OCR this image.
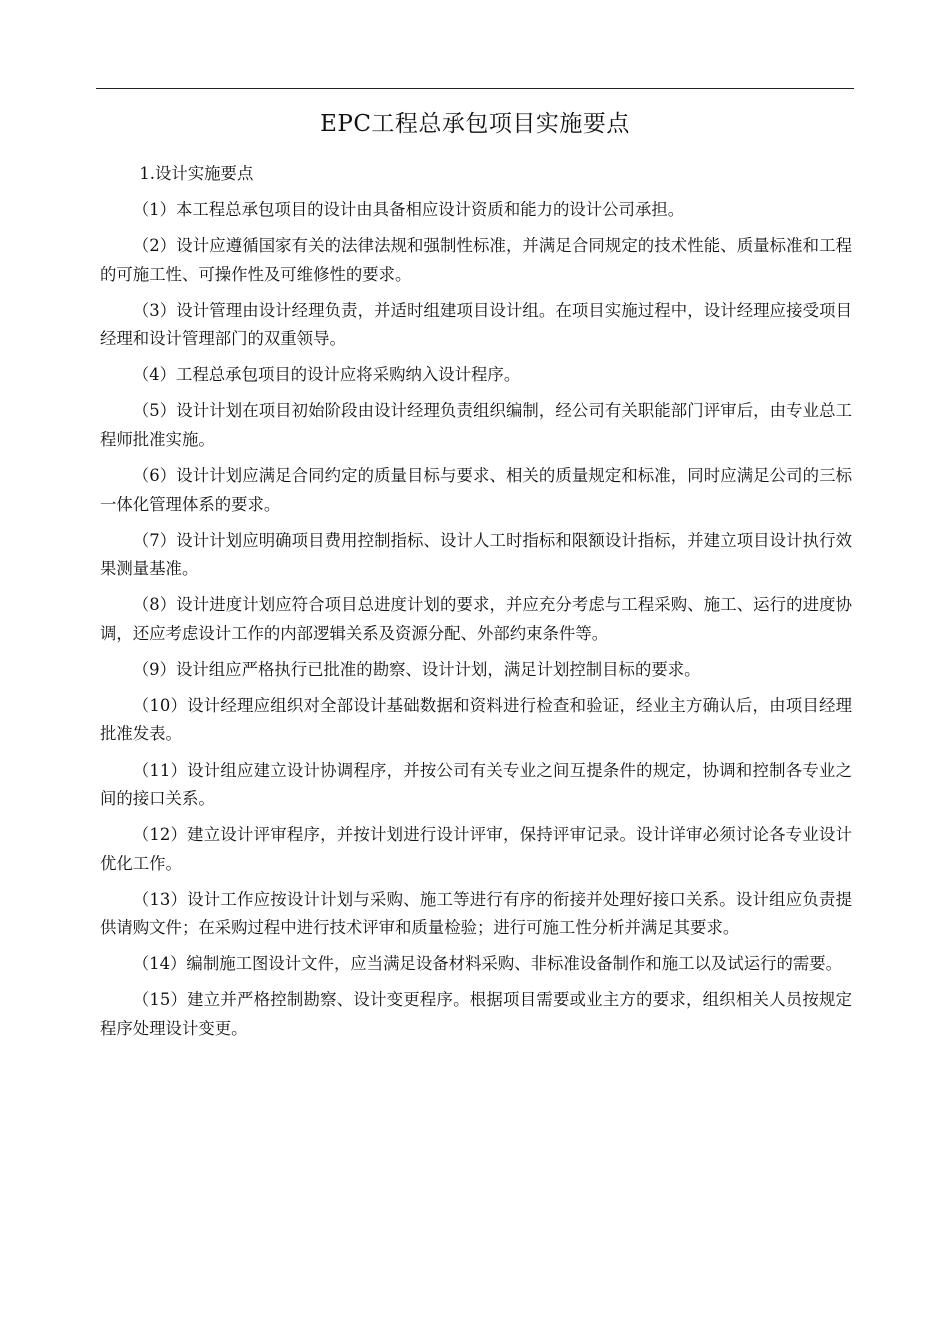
EPC工程总承包项目实施要点

1.设计实施要点

（1）本工程总承包项目的设计由具备相应设计资质和能力的设计公司承担。

（2）设计应遵循国家有关的法律法规和强制性标准，并满足合同规定的技术性能、质量标准和工程的可施工性、可操作性及可维修性的要求。

（3）设计管理由设计经理负责，并适时组建项目设计组。在项目实施过程中，设计经理应接受项目经理和设计管理部门的双重领导。

（4）工程总承包项目的设计应将采购纳入设计程序。

（5）设计计划在项目初始阶段由设计经理负责组织编制，经公司有关职能部门评审后，由专业总工程师批准实施。

（6）设计计划应满足合同约定的质量目标与要求、相关的质量规定和标准，同时应满足公司的三标一体化管理体系的要求。

（7）设计计划应明确项目费用控制指标、设计人工时指标和限额设计指标，并建立项目设计执行效果测量基准。

（8）设计进度计划应符合项目总进度计划的要求，并应充分考虑与工程采购、施工、运行的进度协调，还应考虑设计工作的内部逻辑关系及资源分配、外部约束条件等。

（9）设计组应严格执行已批准的勘察、设计计划，满足计划控制目标的要求。

（10）设计经理应组织对全部设计基础数据和资料进行检查和验证，经业主方确认后，由项目经理批准发表。

（11）设计组应建立设计协调程序，并按公司有关专业之间互提条件的规定，协调和控制各专业之间的接口关系。

（12）建立设计评审程序，并按计划进行设计评审，保持评审记录。设计详审必须讨论各专业设计优化工作。

（13）设计工作应按设计计划与采购、施工等进行有序的衔接并处理好接口关系。设计组应负责提供请购文件；在采购过程中进行技术评审和质量检验；进行可施工性分析并满足其要求。

（14）编制施工图设计文件，应当满足设备材料采购、非标准设备制作和施工以及试运行的需要。

（15）建立并严格控制勘察、设计变更程序。根据项目需要或业主方的要求，组织相关人员按规定程序处理设计变更。
